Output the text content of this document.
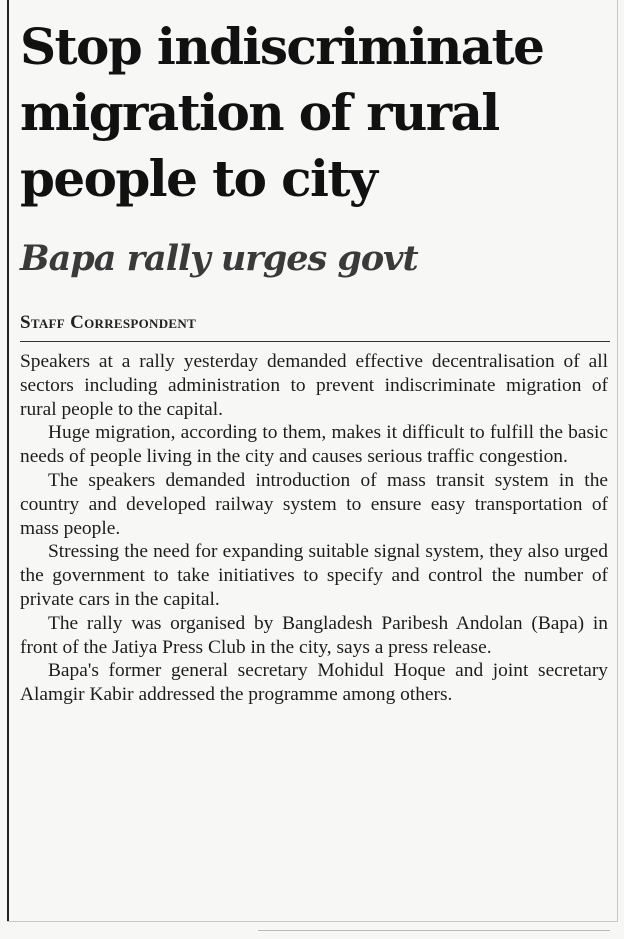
Stop indiscriminate
migration of rural
people to city
Bapa rally urges govt
Staff Correspondent

Speakers at a rally yesterday demanded effective decentralisation of all sectors including administration to prevent indiscriminate migration of rural people to the capital.

Huge migration, according to them, makes it difficult to fulfill the basic needs of people living in the city and causes serious traffic congestion.

The speakers demanded introduction of mass transit system in the country and developed railway system to ensure easy transportation of mass people.

Stressing the need for expanding suitable signal system, they also urged the government to take initiatives to specify and control the number of private cars in the capital.

The rally was organised by Bangladesh Paribesh Andolan (Bapa) in front of the Jatiya Press Club in the city, says a press release.

Bapa's former general secretary Mohidul Hoque and joint secretary Alamgir Kabir addressed the programme among others.
